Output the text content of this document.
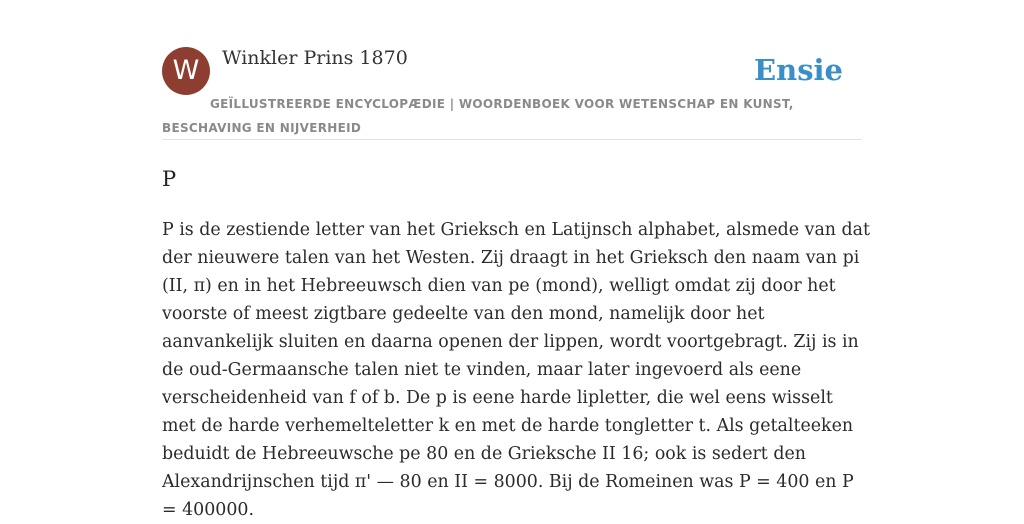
W	Winkler Prins 1870	Ensie
GEÏLLUSTREERDE ENCYCLOPÆDIE | WOORDENBOEK VOOR WETENSCHAP EN KUNST, BESCHAVING EN NIJVERHEID
P

P is de zestiende letter van het Grieksch en Latijnsch alphabet, alsmede van dat der nieuwere talen van het Westen. Zij draagt in het Grieksch den naam van pi (II, π) en in het Hebreeuwsch dien van pe (mond), welligt omdat zij door het voorste of meest zigtbare gedeelte van den mond, namelijk door het aanvankelijk sluiten en daarna openen der lippen, wordt voortgebragt. Zij is in de oud-Germaansche talen niet te vinden, maar later ingevoerd als eene verscheidenheid van f of b. De p is eene harde lipletter, die wel eens wisselt met de harde verhemelteletter k en met de harde tongletter t. Als getalteeken beduidt de Hebreeuwsche pe 80 en de Grieksche II 16; ook is sedert den Alexandrijnschen tijd π' — 80 en II = 8000. Bij de Romeinen was P = 400 en P = 400000.
